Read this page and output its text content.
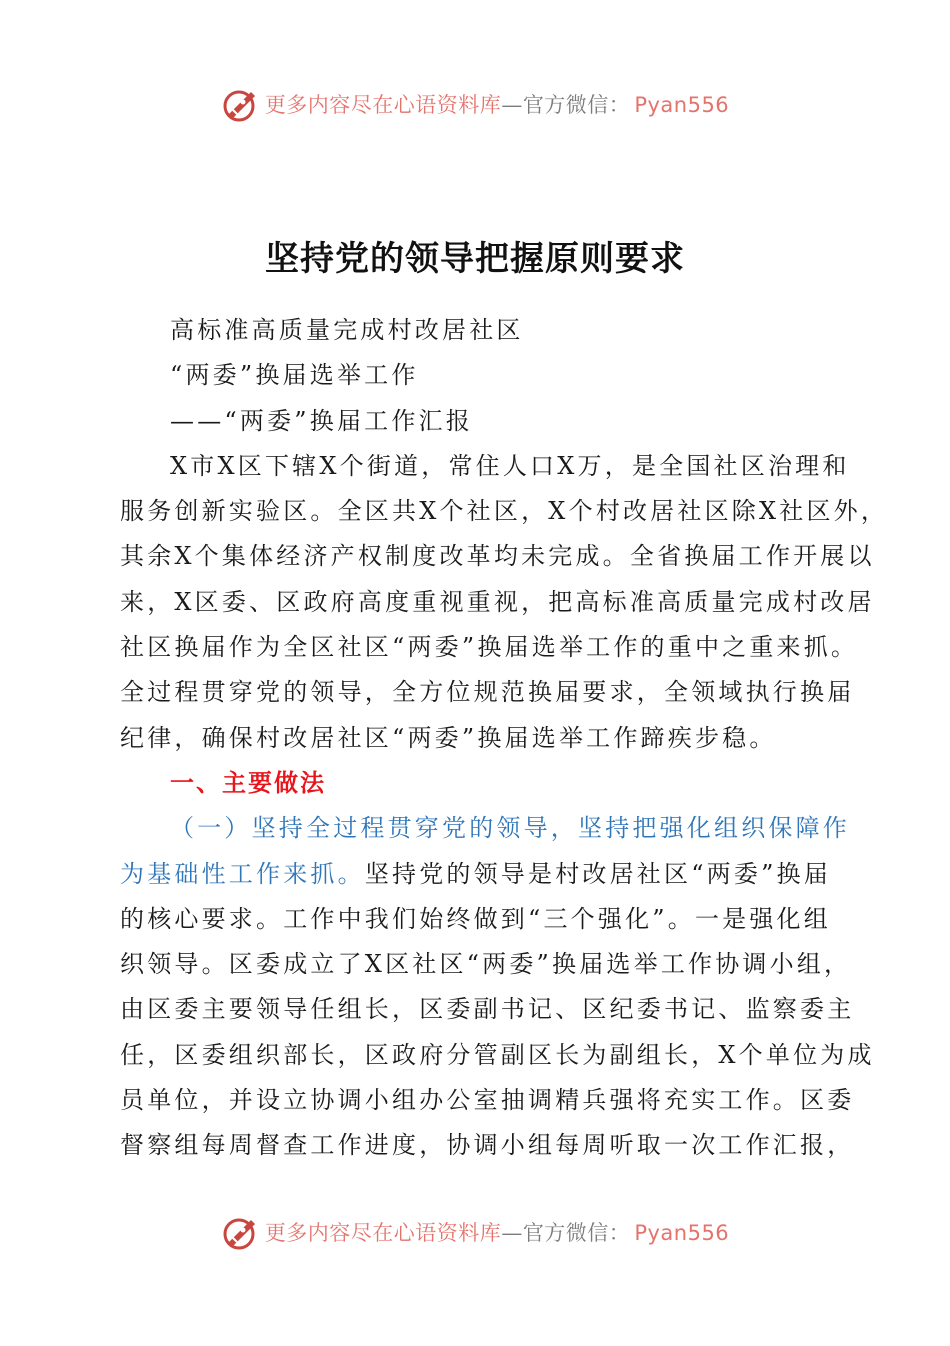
更多内容尽在心语资料库—官方微信： Pyan556
坚持党的领导把握原则要求
高标准高质量完成村改居社区
“两委”换届选举工作
——“两委”换届工作汇报
X市X区下辖X个街道，常住人口X万，是全国社区治理和
服务创新实验区。全区共X个社区，X个村改居社区除X社区外，
其余X个集体经济产权制度改革均未完成。全省换届工作开展以
来，X区委、区政府高度重视重视，把高标准高质量完成村改居
社区换届作为全区社区“两委”换届选举工作的重中之重来抓。
全过程贯穿党的领导，全方位规范换届要求，全领域执行换届
纪律，确保村改居社区“两委”换届选举工作蹄疾步稳。
一、主要做法
（一）坚持全过程贯穿党的领导，坚持把强化组织保障作
为基础性工作来抓。坚持党的领导是村改居社区“两委”换届
的核心要求。工作中我们始终做到“三个强化”。一是强化组
织领导。区委成立了X区社区“两委”换届选举工作协调小组，
由区委主要领导任组长，区委副书记、区纪委书记、监察委主
任，区委组织部长，区政府分管副区长为副组长，X个单位为成
员单位，并设立协调小组办公室抽调精兵强将充实工作。区委
督察组每周督查工作进度，协调小组每周听取一次工作汇报，
更多内容尽在心语资料库—官方微信： Pyan556
